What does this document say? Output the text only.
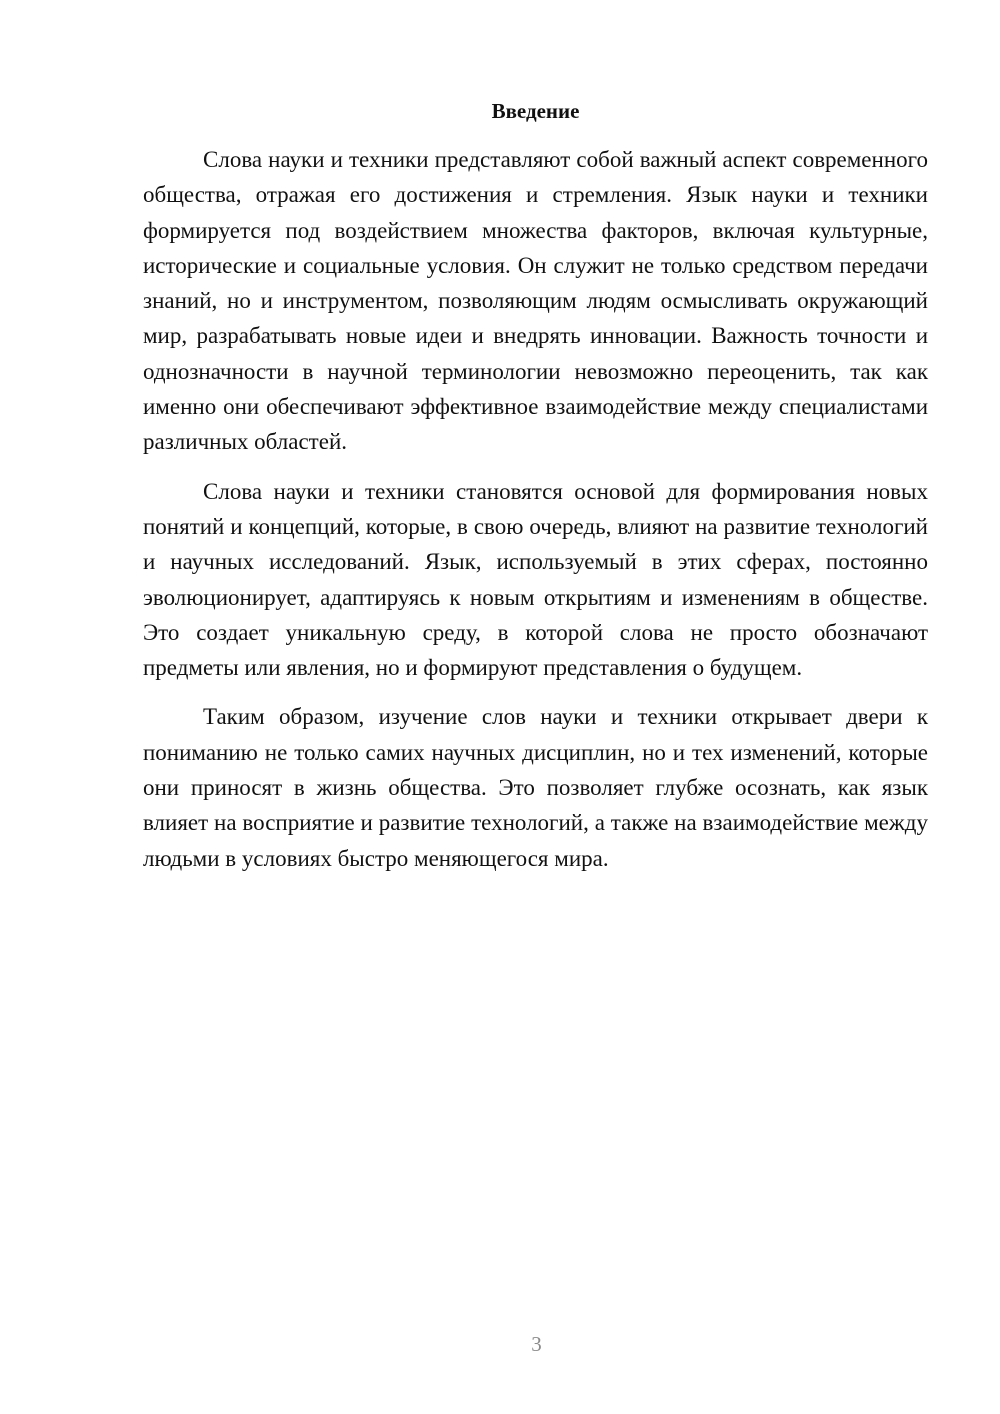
Введение

Слова науки и техники представляют собой важный аспект современного общества, отражая его достижения и стремления. Язык науки и техники формируется под воздействием множества факторов, включая культурные, исторические и социальные условия. Он служит не только средством передачи знаний, но и инструментом, позволяющим людям осмысливать окружающий мир, разрабатывать новые идеи и внедрять инновации. Важность точности и однозначности в научной терминологии невозможно переоценить, так как именно они обеспечивают эффективное взаимодействие между специалистами различных областей.

Слова науки и техники становятся основой для формирования новых понятий и концепций, которые, в свою очередь, влияют на развитие технологий и научных исследований. Язык, используемый в этих сферах, постоянно эволюционирует, адаптируясь к новым открытиям и изменениям в обществе. Это создает уникальную среду, в которой слова не просто обозначают предметы или явления, но и формируют представления о будущем.

Таким образом, изучение слов науки и техники открывает двери к пониманию не только самих научных дисциплин, но и тех изменений, которые они приносят в жизнь общества. Это позволяет глубже осознать, как язык влияет на восприятие и развитие технологий, а также на взаимодействие между людьми в условиях быстро меняющегося мира.

3
